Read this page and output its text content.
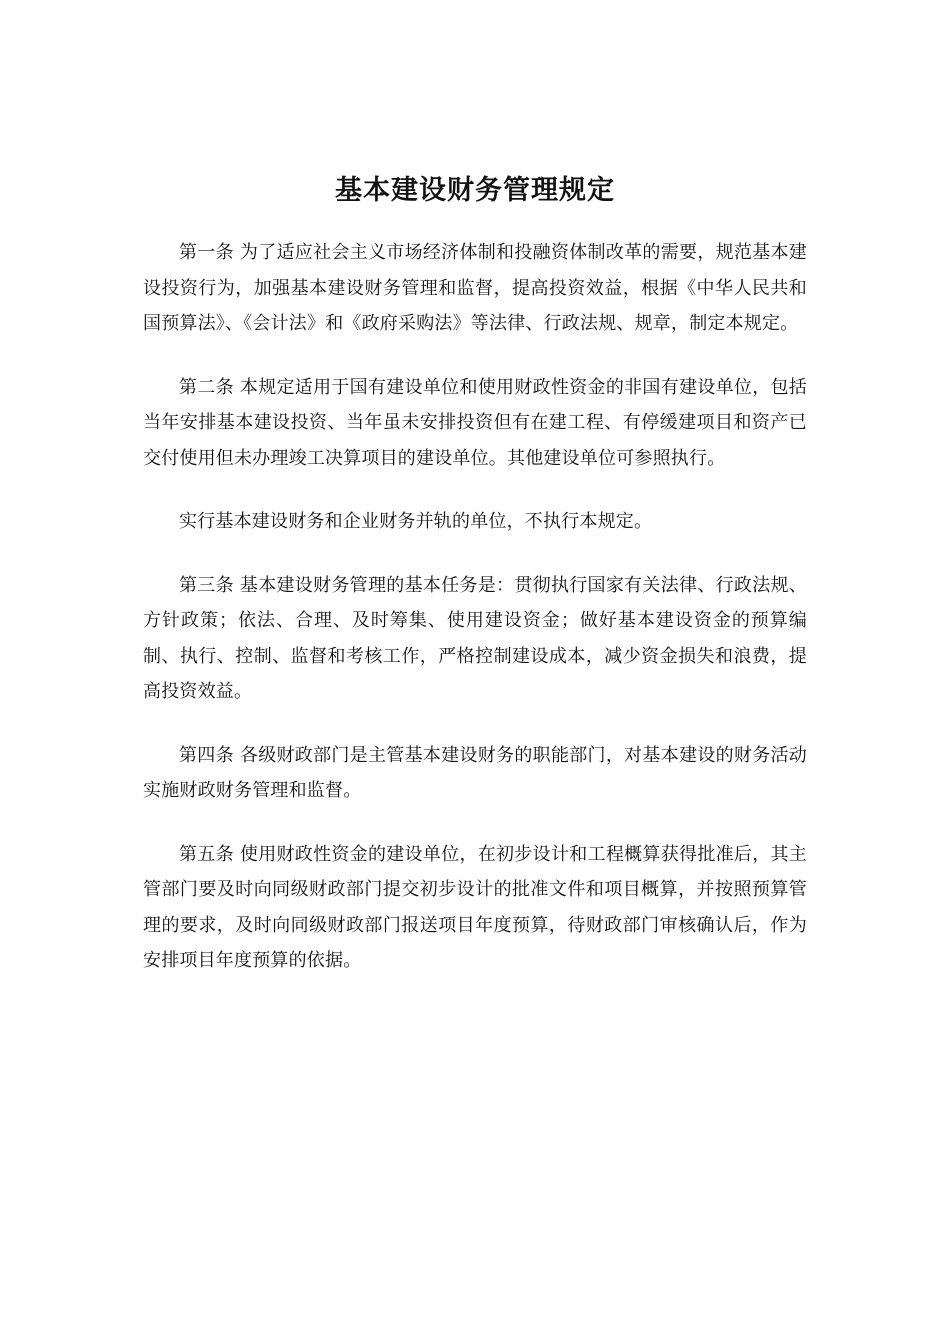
基本建设财务管理规定

第一条 为了适应社会主义市场经济体制和投融资体制改革的需要，规范基本建设投资行为，加强基本建设财务管理和监督，提高投资效益，根据《中华人民共和国预算法》、《会计法》和《政府采购法》等法律、行政法规、规章，制定本规定。

第二条 本规定适用于国有建设单位和使用财政性资金的非国有建设单位，包括当年安排基本建设投资、当年虽未安排投资但有在建工程、有停缓建项目和资产已交付使用但未办理竣工决算项目的建设单位。其他建设单位可参照执行。

实行基本建设财务和企业财务并轨的单位，不执行本规定。

第三条 基本建设财务管理的基本任务是：贯彻执行国家有关法律、行政法规、方针政策；依法、合理、及时筹集、使用建设资金；做好基本建设资金的预算编制、执行、控制、监督和考核工作，严格控制建设成本，减少资金损失和浪费，提高投资效益。

第四条 各级财政部门是主管基本建设财务的职能部门，对基本建设的财务活动实施财政财务管理和监督。

第五条 使用财政性资金的建设单位，在初步设计和工程概算获得批准后，其主管部门要及时向同级财政部门提交初步设计的批准文件和项目概算，并按照预算管理的要求，及时向同级财政部门报送项目年度预算，待财政部门审核确认后，作为安排项目年度预算的依据。
